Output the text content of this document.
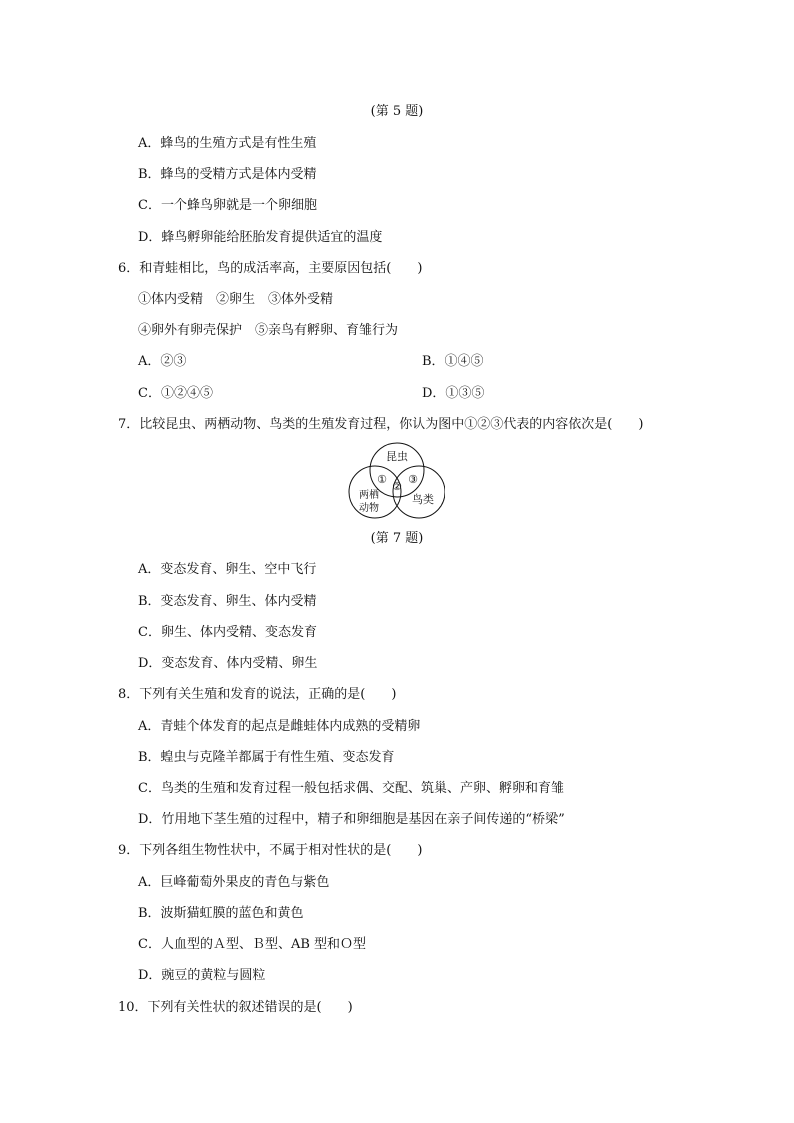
(第 5 题)
A．蜂鸟的生殖方式是有性生殖
B．蜂鸟的受精方式是体内受精
C．一个蜂鸟卵就是一个卵细胞
D．蜂鸟孵卵能给胚胎发育提供适宜的温度
6．和青蛙相比，鸟的成活率高，主要原因包括(　　)
①体内受精　②卵生　③体外受精
④卵外有卵壳保护　⑤亲鸟有孵卵、育雏行为
A．②③	B．①④⑤
C．①②④⑤	D．①③⑤
7．比较昆虫、两栖动物、鸟类的生殖发育过程，你认为图中①②③代表的内容依次是(　　)
昆虫
两栖
动物
鸟类
①
②
③
(第 7 题)
A．变态发育、卵生、空中飞行
B．变态发育、卵生、体内受精
C．卵生、体内受精、变态发育
D．变态发育、体内受精、卵生
8．下列有关生殖和发育的说法，正确的是(　　)
A．青蛙个体发育的起点是雌蛙体内成熟的受精卵
B．蝗虫与克隆羊都属于有性生殖、变态发育
C．鸟类的生殖和发育过程一般包括求偶、交配、筑巢、产卵、孵卵和育雏
D．竹用地下茎生殖的过程中，精子和卵细胞是基因在亲子间传递的“桥梁”
9．下列各组生物性状中，不属于相对性状的是(　　)
A．巨峰葡萄外果皮的青色与紫色
B．波斯猫虹膜的蓝色和黄色
C．人血型的Ａ型、Ｂ型、AB 型和Ｏ型
D．豌豆的黄粒与圆粒
10．下列有关性状的叙述错误的是(　　)
